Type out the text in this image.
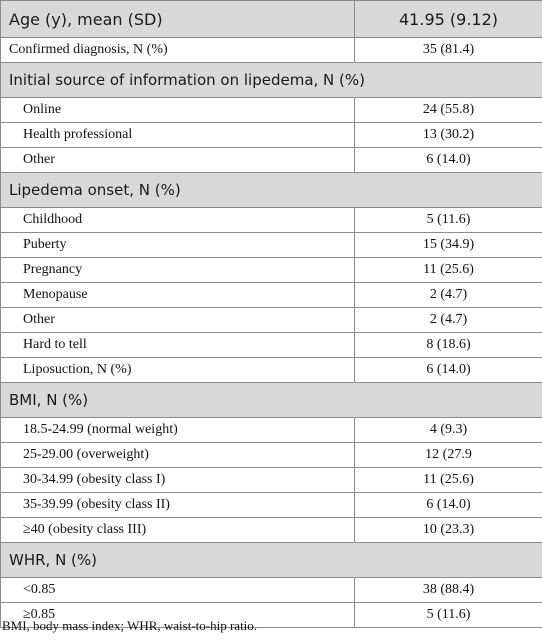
Age (y), mean (SD)	41.95 (9.12)
Confirmed diagnosis, N (%)	35 (81.4)
Initial source of information on lipedema, N (%)	
Online	24 (55.8)
Health professional	13 (30.2)
Other	6 (14.0)
Lipedema onset, N (%)	
Childhood	5 (11.6)
Puberty	15 (34.9)
Pregnancy	11 (25.6)
Menopause	2 (4.7)
Other	2 (4.7)
Hard to tell	8 (18.6)
Liposuction, N (%)	6 (14.0)
BMI, N (%)	
18.5-24.99 (normal weight)	4 (9.3)
25-29.00 (overweight)	12 (27.9
30-34.99 (obesity class I)	11 (25.6)
35-39.99 (obesity class II)	6 (14.0)
≥40 (obesity class III)	10 (23.3)
WHR, N (%)	
<0.85	38 (88.4)
≥0.85	5 (11.6)
BMI, body mass index; WHR, waist-to-hip ratio.
